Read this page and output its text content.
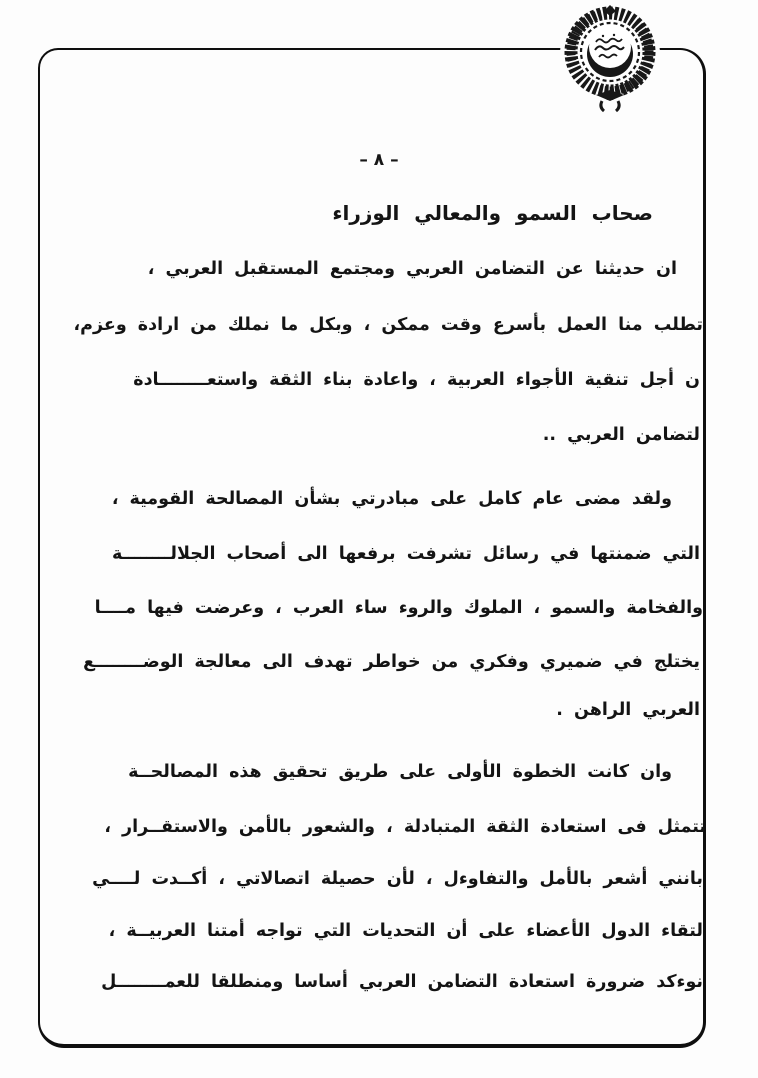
– ٨ –
صحاب السمو والمعالي الوزراء
ان حديثنا عن التضامن العربي ومجتمع المستقبل العربي ،
تطلب منا العمل بأسرع وقت ممكن ، وبكل ما نملك من ارادة وعزم،
ن أجل تنقية الأجواء العربية ، واعادة بناء الثقة واستعــــــــادة
لتضامن العربي ..
ولقد مضى عام كامل على مبادرتي بشأن المصالحة القومية ،
التي ضمنتها في رسائل تشرفت برفعها الى أصحاب الجلالــــــــة
والفخامة والسمو ، الملوك والروء ساء العرب ، وعرضت فيها مــــا
يختلج في ضميري وفكري من خواطر تهدف الى معالجة الوضــــــــع
العربي الراهن .
وان كانت الخطوة الأولى على طريق تحقيق هذه المصالحــة
تتمثل فى استعادة الثقة المتبادلة ، والشعور بالأمن والاستقــرار ،
بانني أشعر بالأمل والتفاوءل ، لأن حصيلة اتصالاتي ، أكــدت لــــي
لتقاء الدول الأعضاء على أن التحديات التي تواجه أمتنا العربيــة ،
نوءكد ضرورة استعادة التضامن العربي أساسا ومنطلقا للعمــــــــل
